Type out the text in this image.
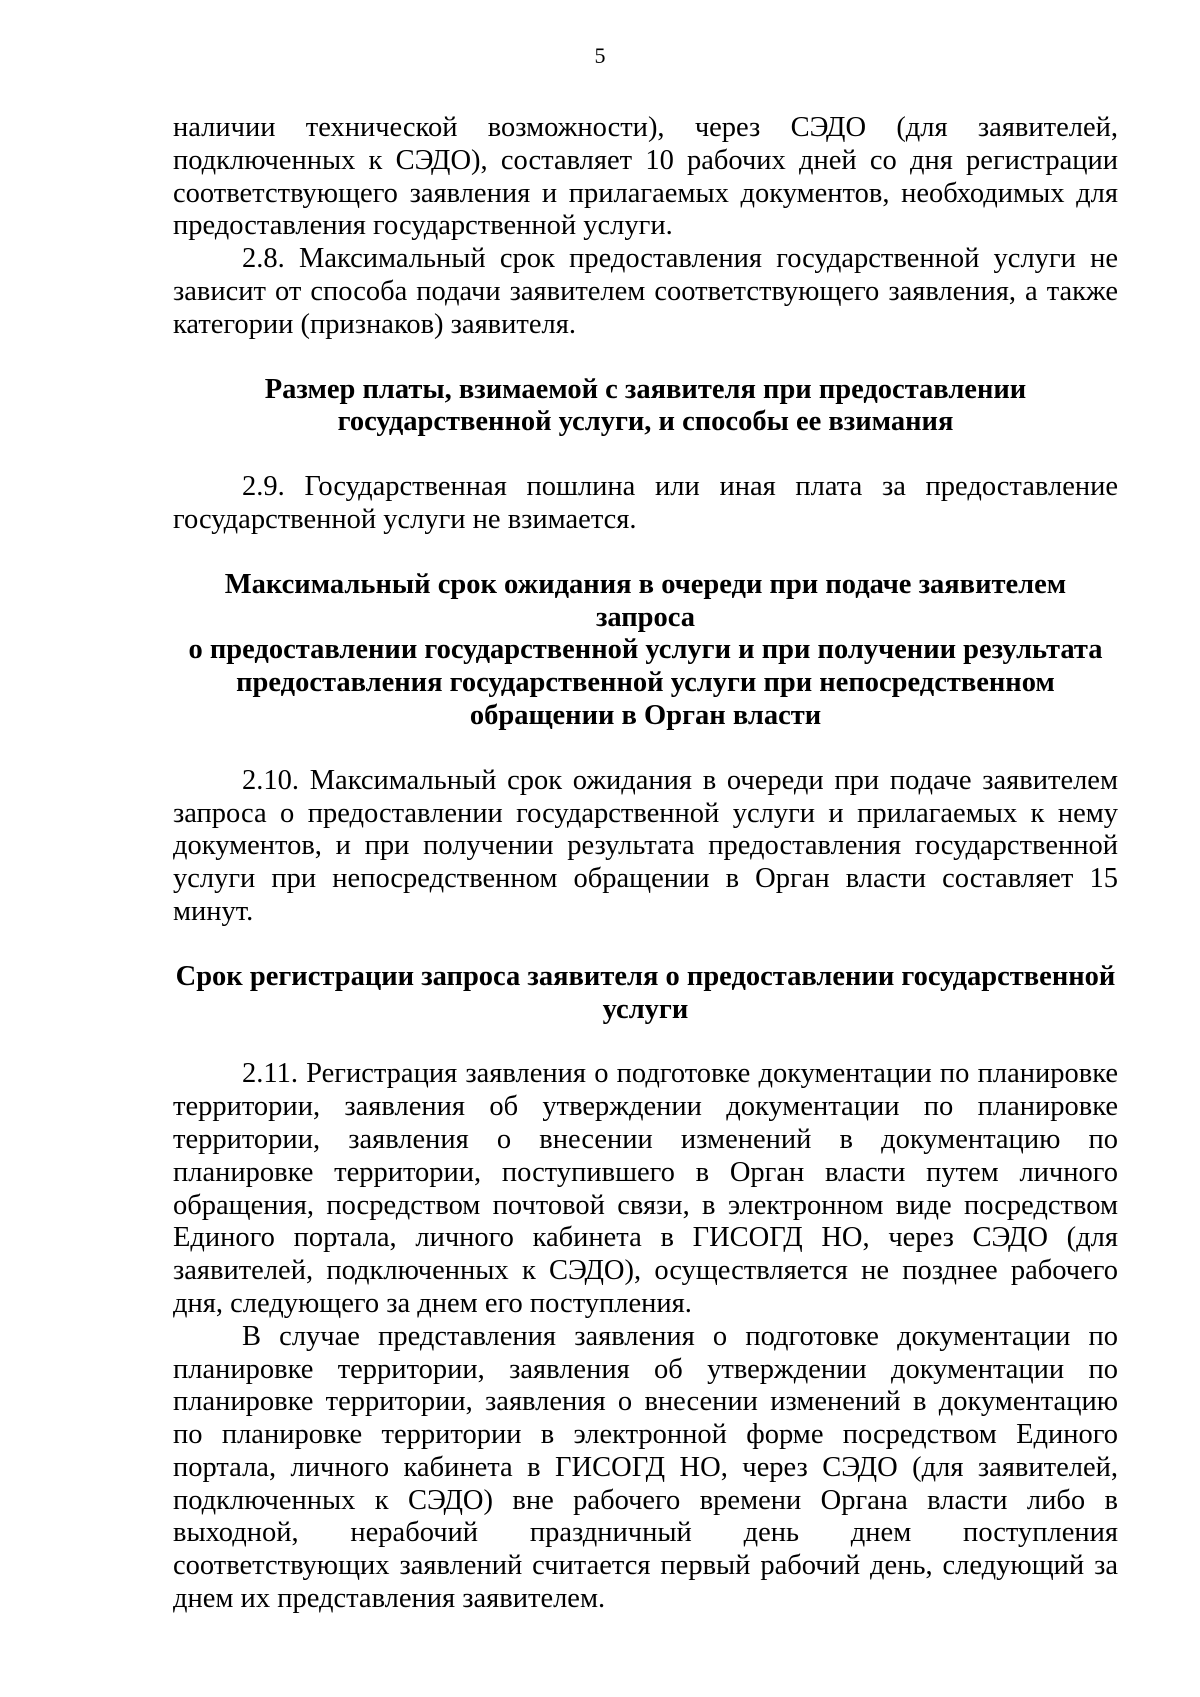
5

наличии технической возможности), через СЭДО (для заявителей, подключенных к СЭДО), составляет 10 рабочих дней со дня регистрации соответствующего заявления и прилагаемых документов, необходимых для предоставления государственной услуги.

2.8. Максимальный срок предоставления государственной услуги не зависит от способа подачи заявителем соответствующего заявления, а также категории (признаков) заявителя.

Размер платы, взимаемой с заявителя при предоставлении
государственной услуги, и способы ее взимания

2.9. Государственная пошлина или иная плата за предоставление государственной услуги не взимается.

Максимальный срок ожидания в очереди при подаче заявителем запроса
о предоставлении государственной услуги и при получении результата
предоставления государственной услуги при непосредственном
обращении в Орган власти

2.10. Максимальный срок ожидания в очереди при подаче заявителем запроса о предоставлении государственной услуги и прилагаемых к нему документов, и при получении результата предоставления государственной услуги при непосредственном обращении в Орган власти составляет 15 минут.

Срок регистрации запроса заявителя о предоставлении государственной
услуги

2.11. Регистрация заявления о подготовке документации по планировке территории, заявления об утверждении документации по планировке территории, заявления о внесении изменений в документацию по планировке территории, поступившего в Орган власти путем личного обращения, посредством почтовой связи, в электронном виде посредством Единого портала, личного кабинета в ГИСОГД НО, через СЭДО (для заявителей, подключенных к СЭДО), осуществляется не позднее рабочего дня, следующего за днем его поступления.

В случае представления заявления о подготовке документации по планировке территории, заявления об утверждении документации по планировке территории, заявления о внесении изменений в документацию по планировке территории в электронной форме посредством Единого портала, личного кабинета в ГИСОГД НО, через СЭДО (для заявителей, подключенных к СЭДО) вне рабочего времени Органа власти либо в выходной, нерабочий праздничный день днем поступления соответствующих заявлений считается первый рабочий день, следующий за днем их представления заявителем.
